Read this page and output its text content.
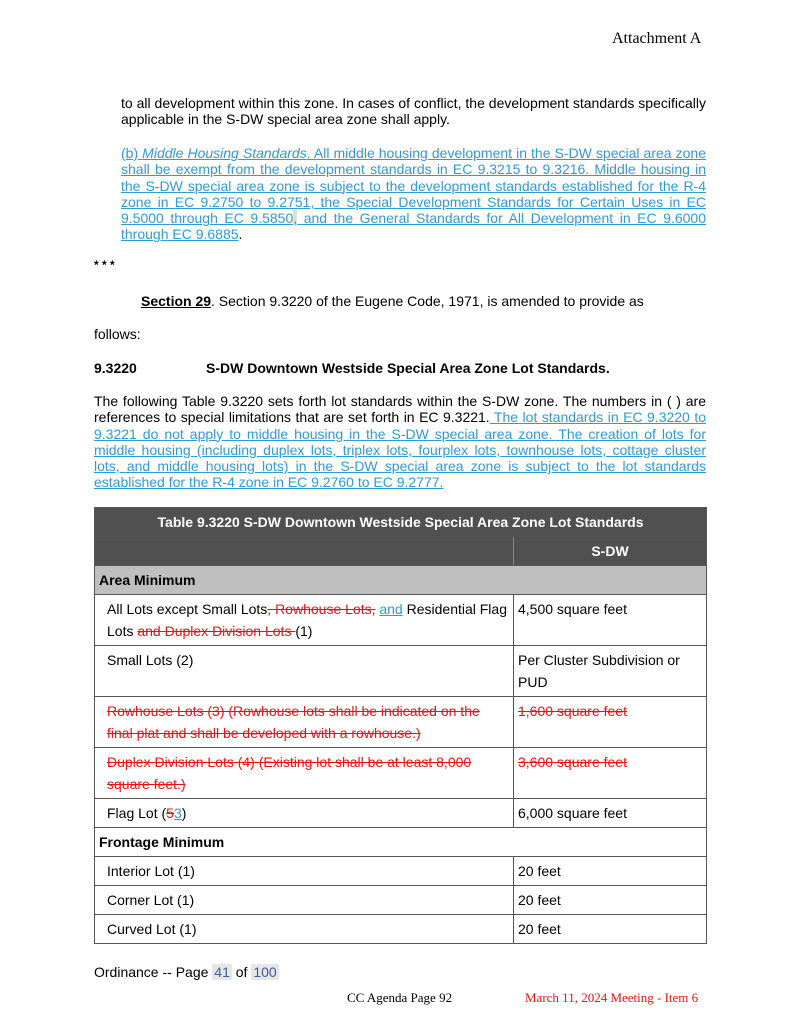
Attachment A
to all development within this zone. In cases of conflict, the development standards specifically applicable in the S-DW special area zone shall apply.
(b) Middle Housing Standards. All middle housing development in the S-DW special area zone shall be exempt from the development standards in EC 9.3215 to 9.3216. Middle housing in the S-DW special area zone is subject to the development standards established for the R-4 zone in EC 9.2750 to 9.2751, the Special Development Standards for Certain Uses in EC 9.5000 through EC 9.5850, and the General Standards for All Development in EC 9.6000 through EC 9.6885.
* * *
Section 29. Section 9.3220 of the Eugene Code, 1971, is amended to provide as
follows:
9.3220	S-DW Downtown Westside Special Area Zone Lot Standards.
The following Table 9.3220 sets forth lot standards within the S-DW zone. The numbers in ( ) are references to special limitations that are set forth in EC 9.3221. The lot standards in EC 9.3220 to 9.3221 do not apply to middle housing in the S-DW special area zone. The creation of lots for middle housing (including duplex lots, triplex lots, fourplex lots, townhouse lots, cottage cluster lots, and middle housing lots) in the S-DW special area zone is subject to the lot standards established for the R-4 zone in EC 9.2760 to EC 9.2777.
Table 9.3220 S-DW Downtown Westside Special Area Zone Lot Standards	
	S-DW
Area Minimum	
All Lots except Small Lots, Rowhouse Lots, and Residential Flag Lots and Duplex Division Lots (1)	4,500 square feet
Small Lots (2)	Per Cluster Subdivision or PUD
Rowhouse Lots (3) (Rowhouse lots shall be indicated on the final plat and shall be developed with a rowhouse.)	1,600 square feet
Duplex Division Lots (4) (Existing lot shall be at least 8,000 square feet.)	3,600 square feet
Flag Lot (53)	6,000 square feet
Frontage Minimum	
Interior Lot (1)	20 feet
Corner Lot (1)	20 feet
Curved Lot (1)	20 feet
Ordinance -- Page 41 of 100
CC Agenda Page 92	March 11, 2024 Meeting - Item 6
